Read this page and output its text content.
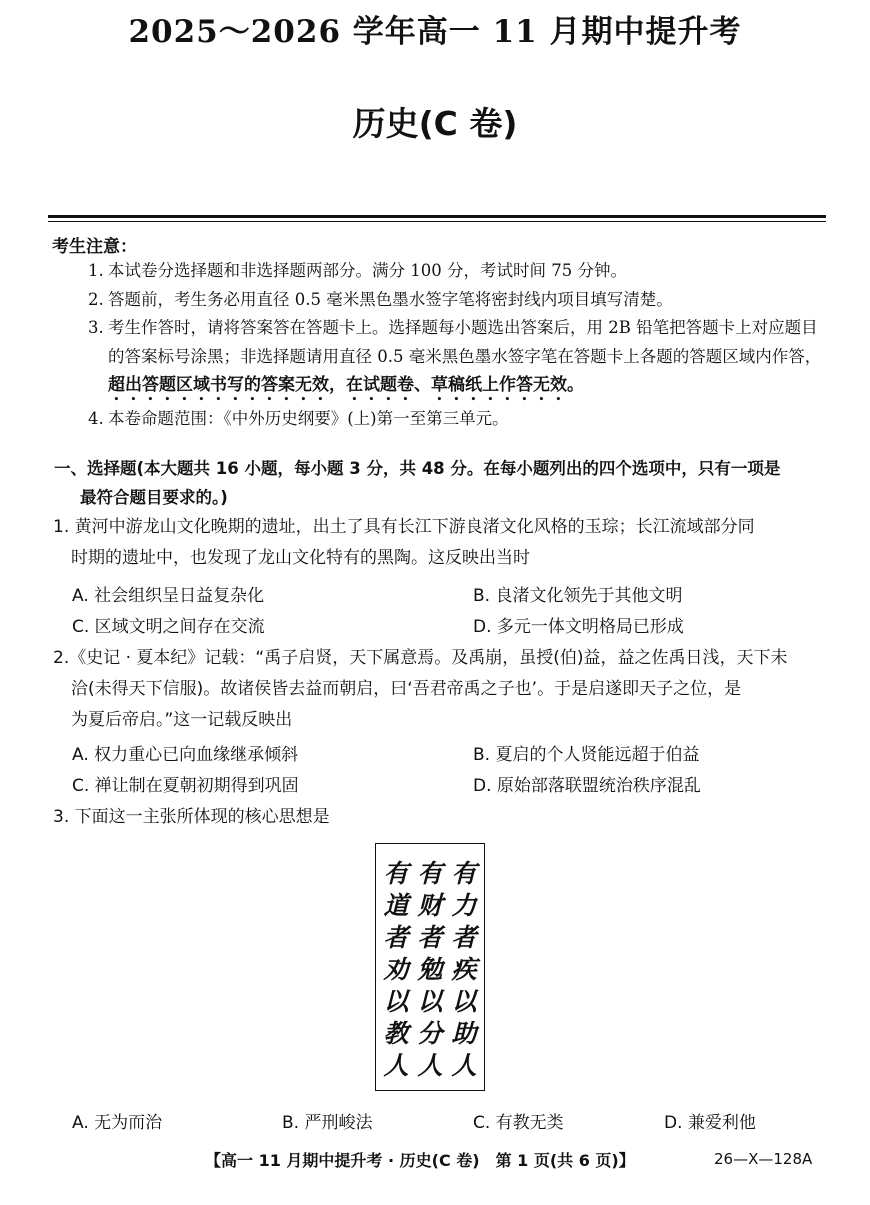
2025～2026 学年高一 11 月期中提升考
历史(C 卷)
考生注意：
1. 本试卷分选择题和非选择题两部分。满分 100 分，考试时间 75 分钟。
2. 答题前，考生务必用直径 0.5 毫米黑色墨水签字笔将密封线内项目填写清楚。
3. 考生作答时，请将答案答在答题卡上。选择题每小题选出答案后，用 2B 铅笔把答题卡上对应题目的答案标号涂黑；非选择题请用直径 0.5 毫米黑色墨水签字笔在答题卡上各题的答题区域内作答，超出答题区域书写的答案无效，在试题卷、草稿纸上作答无效。
4. 本卷命题范围：《中外历史纲要》(上)第一至第三单元。
一、选择题(本大题共 16 小题，每小题 3 分，共 48 分。在每小题列出的四个选项中，只有一项是
最符合题目要求的。)
1. 黄河中游龙山文化晚期的遗址，出土了具有长江下游良渚文化风格的玉琮；长江流域部分同
时期的遗址中，也发现了龙山文化特有的黑陶。这反映出当时
A. 社会组织呈日益复杂化	B. 良渚文化领先于其他文明
C. 区域文明之间存在交流	D. 多元一体文明格局已形成
2.《史记 · 夏本纪》记载：“禹子启贤，天下属意焉。及禹崩，虽授(伯)益，益之佐禹日浅，天下未
洽(未得天下信服)。故诸侯皆去益而朝启，曰‘吾君帝禹之子也’。于是启遂即天子之位，是
为夏后帝启。”这一记载反映出
A. 权力重心已向血缘继承倾斜	B. 夏启的个人贤能远超于伯益
C. 禅让制在夏朝初期得到巩固	D. 原始部落联盟统治秩序混乱
3. 下面这一主张所体现的核心思想是
有力者疾以助人
有财者勉以分人
有道者劝以教人
A. 无为而治	B. 严刑峻法	C. 有教无类	D. 兼爱利他
【高一 11 月期中提升考 · 历史(C 卷)　第 1 页(共 6 页)】	26—X—128A
